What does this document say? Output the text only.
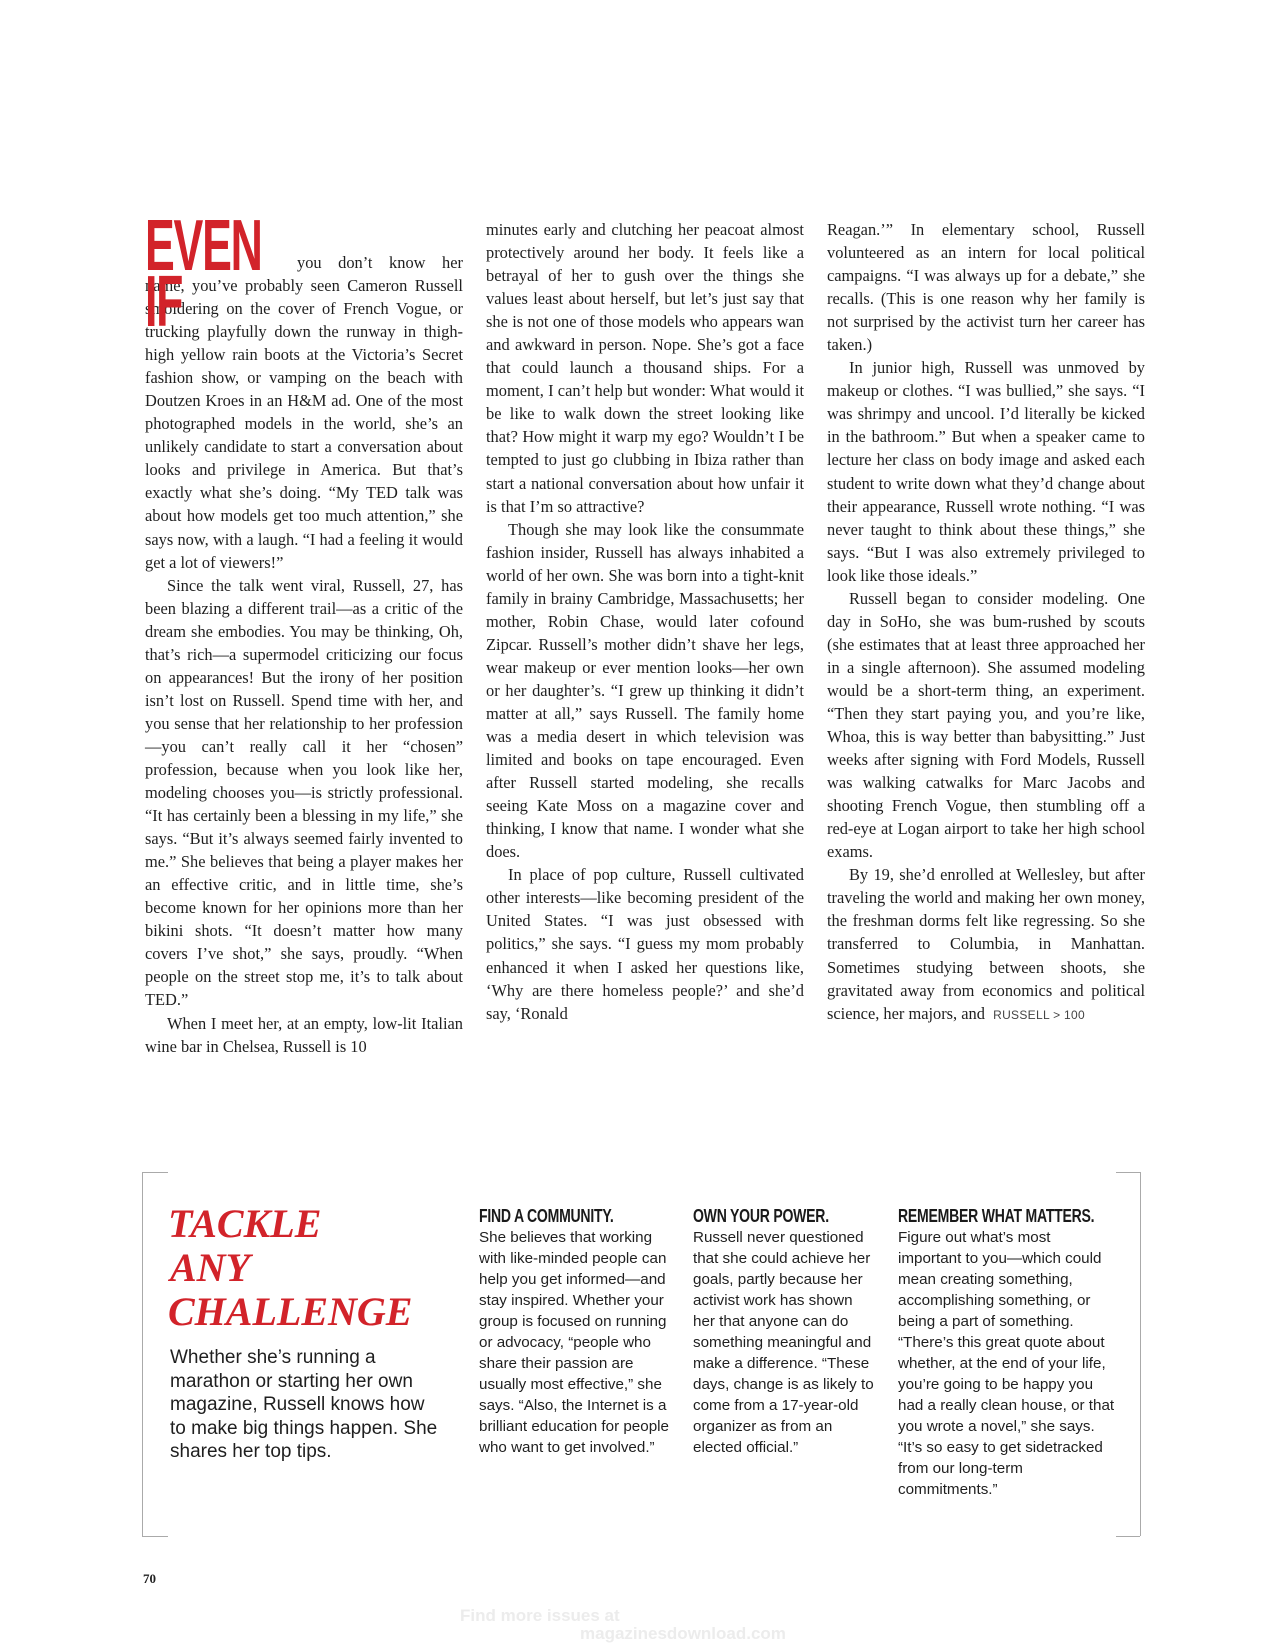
EVEN IF	you don’t know her name, you’ve probably seen Cameron Russell smoldering on the cover of French Vogue, or trucking playfully down the runway in thigh-high yellow rain boots at the Victoria’s Secret fashion show, or vamping on the beach with Doutzen Kroes in an H&M ad. One of the most photographed models in the world, she’s an unlikely candidate to start a conversation about looks and privilege in America. But that’s exactly what she’s doing. “My TED talk was about how models get too much attention,” she says now, with a laugh. “I had a feeling it would get a lot of viewers!”

Since the talk went viral, Russell, 27, has been blazing a different trail—as a critic of the dream she embodies. You may be thinking, Oh, that’s rich—a supermodel criticizing our focus on appearances! But the irony of her position isn’t lost on Russell. Spend time with her, and you sense that her relationship to her profession—you can’t really call it her “chosen” profession, because when you look like her, modeling chooses you—is strictly professional. “It has certainly been a blessing in my life,” she says. “But it’s always seemed fairly invented to me.” She believes that being a player makes her an effective critic, and in little time, she’s become known for her opinions more than her bikini shots. “It doesn’t matter how many covers I’ve shot,” she says, proudly. “When people on the street stop me, it’s to talk about TED.”

When I meet her, at an empty, low-lit Italian wine bar in Chelsea, Russell is 10

minutes early and clutching her peacoat almost protectively around her body. It feels like a betrayal of her to gush over the things she values least about herself, but let’s just say that she is not one of those models who appears wan and awkward in person. Nope. She’s got a face that could launch a thousand ships. For a moment, I can’t help but wonder: What would it be like to walk down the street looking like that? How might it warp my ego? Wouldn’t I be tempted to just go clubbing in Ibiza rather than start a national conversation about how unfair it is that I’m so attractive?

Though she may look like the consummate fashion insider, Russell has always inhabited a world of her own. She was born into a tight-knit family in brainy Cambridge, Massachusetts; her mother, Robin Chase, would later cofound Zipcar. Russell’s mother didn’t shave her legs, wear makeup or ever mention looks—her own or her daughter’s. “I grew up thinking it didn’t matter at all,” says Russell. The family home was a media desert in which television was limited and books on tape encouraged. Even after Russell started modeling, she recalls seeing Kate Moss on a magazine cover and thinking, I know that name. I wonder what she does.

In place of pop culture, Russell cultivated other interests—like becoming president of the United States. “I was just obsessed with politics,” she says. “I guess my mom probably enhanced it when I asked her questions like, ‘Why are there homeless people?’ and she’d say, ‘Ronald

Reagan.’” In elementary school, Russell volunteered as an intern for local political campaigns. “I was always up for a debate,” she recalls. (This is one reason why her family is not surprised by the activist turn her career has taken.)

In junior high, Russell was unmoved by makeup or clothes. “I was bullied,” she says. “I was shrimpy and uncool. I’d literally be kicked in the bathroom.” But when a speaker came to lecture her class on body image and asked each student to write down what they’d change about their appearance, Russell wrote nothing. “I was never taught to think about these things,” she says. “But I was also extremely privileged to look like those ideals.”

Russell began to consider modeling. One day in SoHo, she was bum-rushed by scouts (she estimates that at least three approached her in a single afternoon). She assumed modeling would be a short-term thing, an experiment. “Then they start paying you, and you’re like, Whoa, this is way better than babysitting.” Just weeks after signing with Ford Models, Russell was walking catwalks for Marc Jacobs and shooting French Vogue, then stumbling off a red-eye at Logan airport to take her high school exams.

By 19, she’d enrolled at Wellesley, but after traveling the world and making her own money, the freshman dorms felt like regressing. So she transferred to Columbia, in Manhattan. Sometimes studying between shoots, she gravitated away from economics and political science, her majors, and RUSSELL > 100

TACKLE
ANY
CHALLENGE
Whether she’s running a marathon or starting her own magazine, Russell knows how to make big things happen. She shares her top tips.
FIND A COMMUNITY.
She believes that working with like-minded people can help you get informed—and stay inspired. Whether your group is focused on running or advocacy, “people who share their passion are usually most effective,” she says. “Also, the Internet is a brilliant education for people who want to get involved.”
OWN YOUR POWER.
Russell never questioned that she could achieve her goals, partly because her activist work has shown her that anyone can do something meaningful and make a difference. “These days, change is as likely to come from a 17-year-old organizer as from an elected official.”
REMEMBER WHAT MATTERS.
Figure out what’s most important to you—which could mean creating something, accomplishing something, or being a part of something. “There’s this great quote about whether, at the end of your life, you’re going to be happy you had a really clean house, or that you wrote a novel,” she says. “It’s so easy to get sidetracked from our long-term commitments.”
70
Find more issues at
magazinesdownload.com
